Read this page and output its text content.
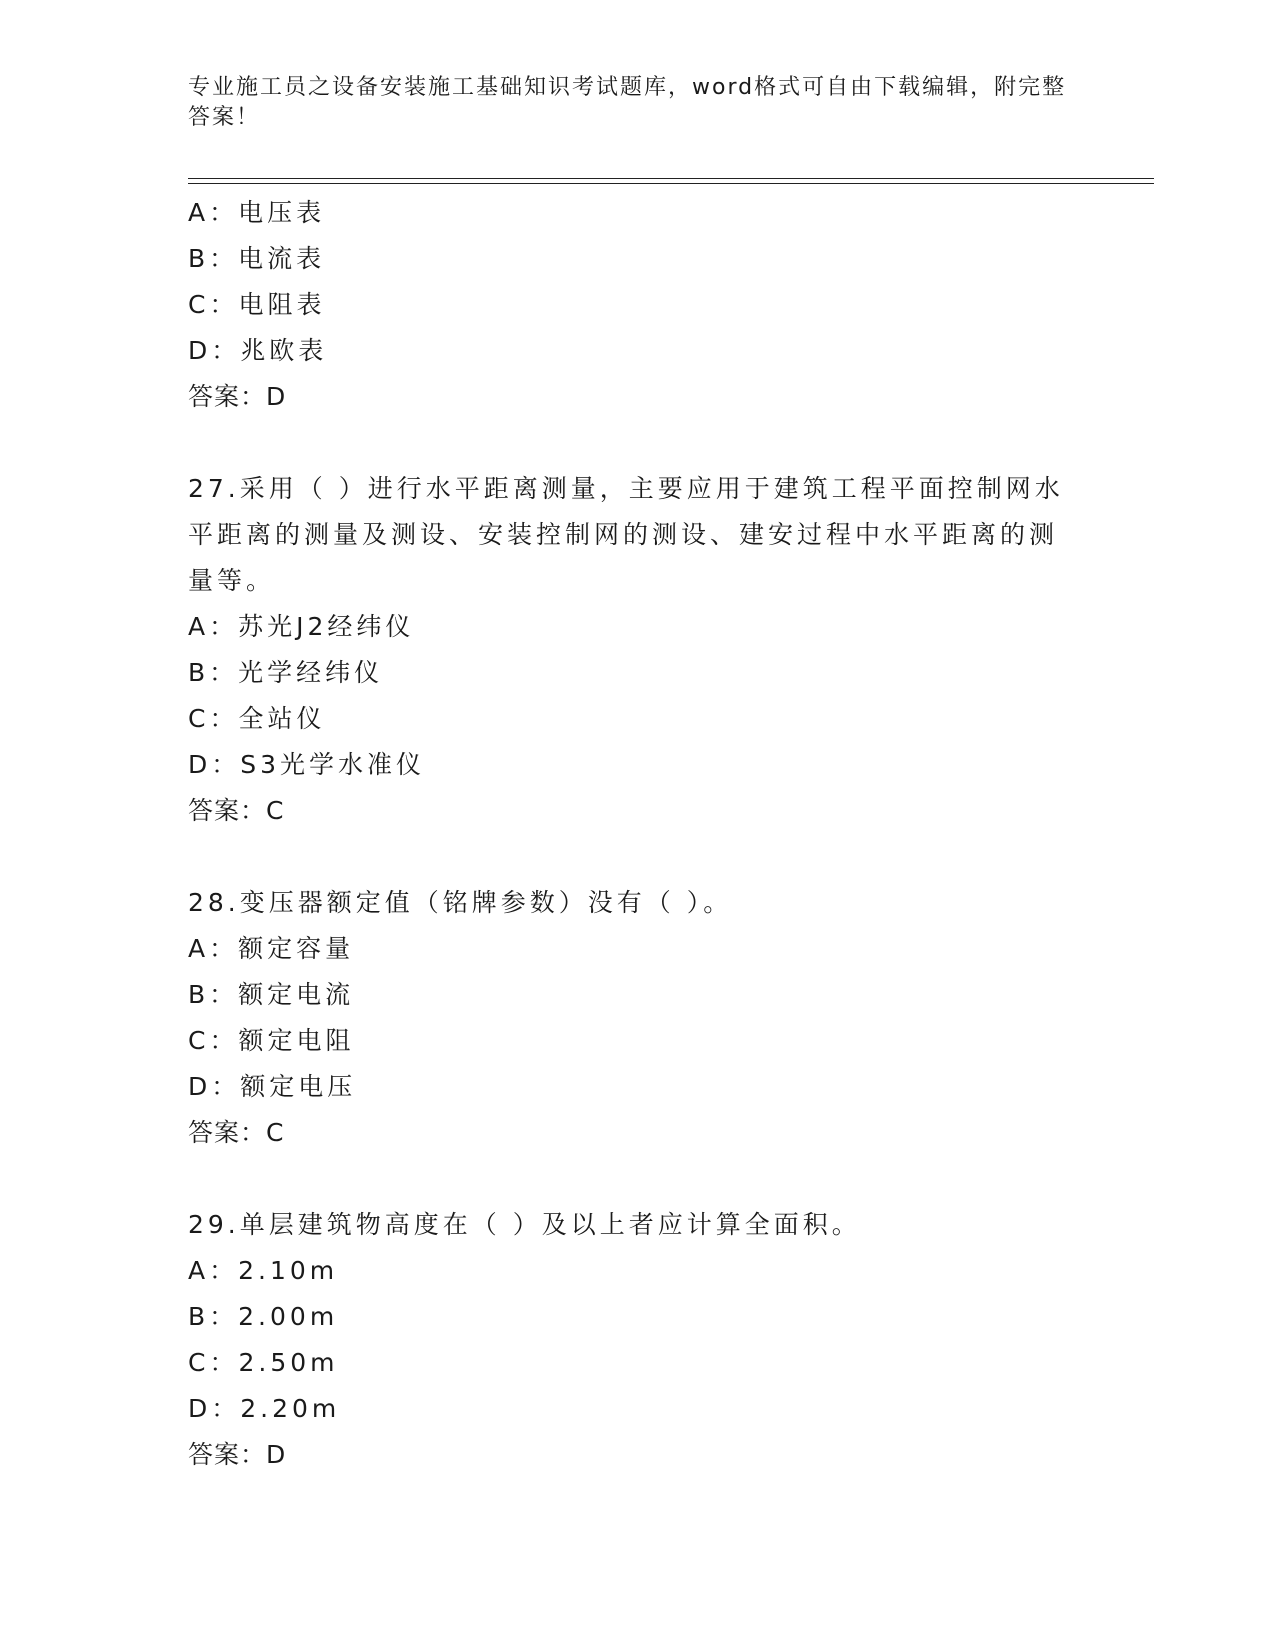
专业施工员之设备安装施工基础知识考试题库，word格式可自由下载编辑，附完整答案！
A：电压表
B：电流表
C：电阻表
D：兆欧表
答案：D
27.采用（ ）进行水平距离测量，主要应用于建筑工程平面控制网水平距离的测量及测设、安装控制网的测设、建安过程中水平距离的测量等。
A：苏光J2经纬仪
B：光学经纬仪
C：全站仪
D：S3光学水准仪
答案：C
28.变压器额定值（铭牌参数）没有（ ）。
A：额定容量
B：额定电流
C：额定电阻
D：额定电压
答案：C
29.单层建筑物高度在（ ）及以上者应计算全面积。
A：2.10m
B：2.00m
C：2.50m
D：2.20m
答案：D
